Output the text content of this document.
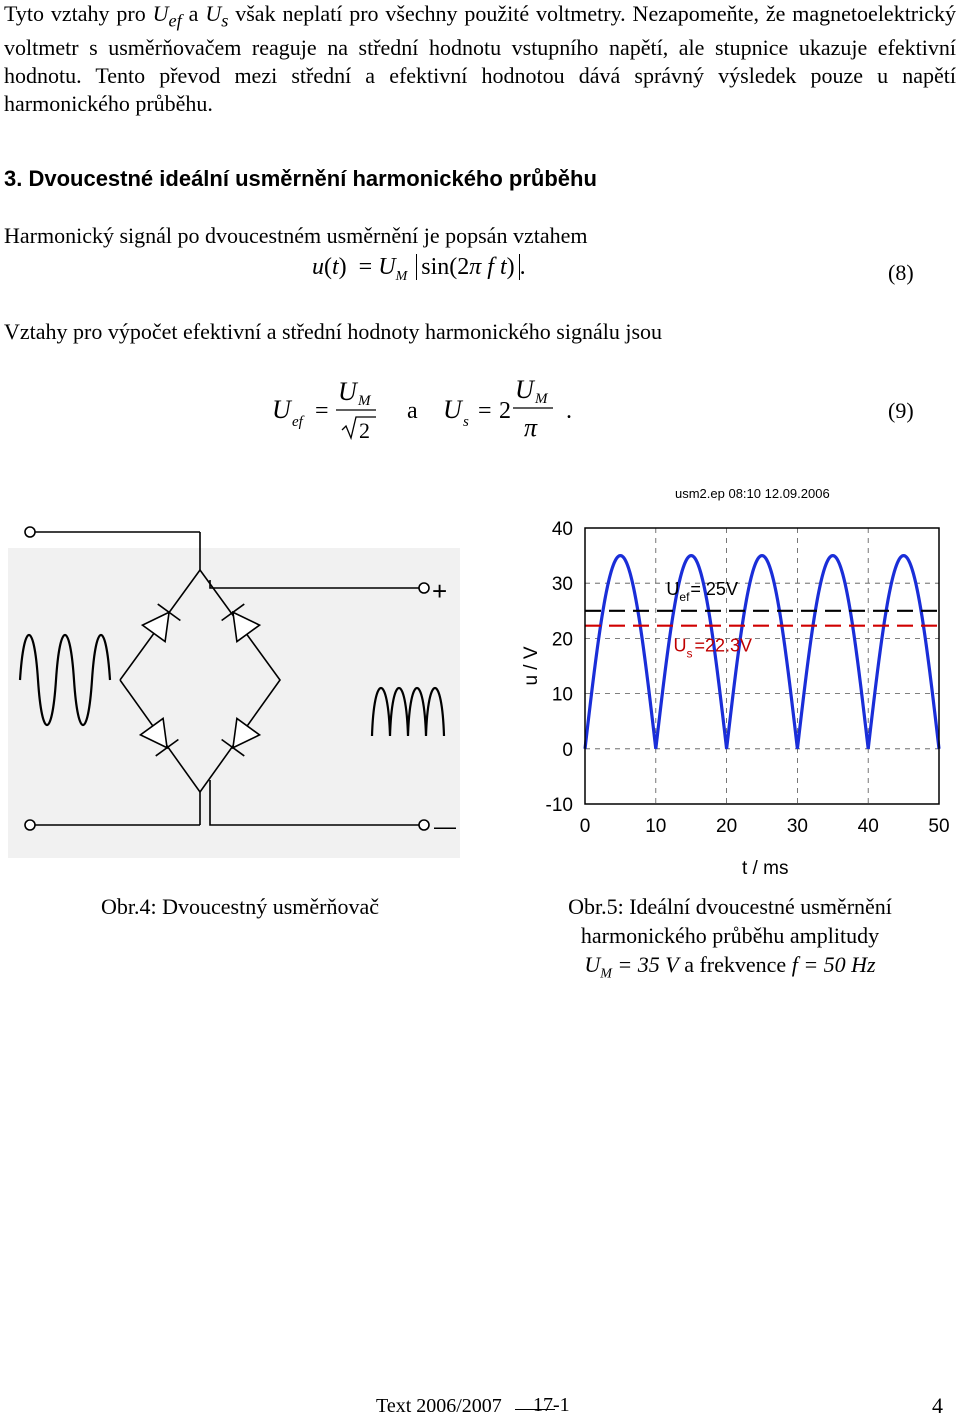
Tyto vztahy pro $U_{ef}$ a $U_s$ však neplatí pro všechny použité voltmetry. Nezapomeňte, že magnetoelektrický voltmetr s usměrňovačem reaguje na střední hodnotu vstupního napětí, ale stupnice ukazuje efektivní hodnotu. Tento převod mezi střední a efektivní hodnotou dává správný výsledek pouze u napětí harmonického průběhu.

3. Dvoucestné ideální usměrnění harmonického průběhu
Harmonický signál po dvoucestném usměrnění je popsán vztahem
$u(t) = U_M$ sin(2π f t) .	(8)
Vztahy pro výpočet efektivní a střední hodnoty harmonického signálu jsou
U ef =
U M
2
a U s = 2
U M
π
.	(9)
+
—
Obr.4: Dvoucestný usměrňovač
usm2.ep 08:10 12.09.2006
0	10	20	30	40	50
40
30
20
10
0
-10
u / V
t / ms
U ef = 25V
U s =22.3V
Obr.5: Ideální dvoucestné usměrnění
harmonického průběhu amplitudy
$U_M = 35$ V a frekvence f = 50 Hz
Text 2006/2007 17-1	4
